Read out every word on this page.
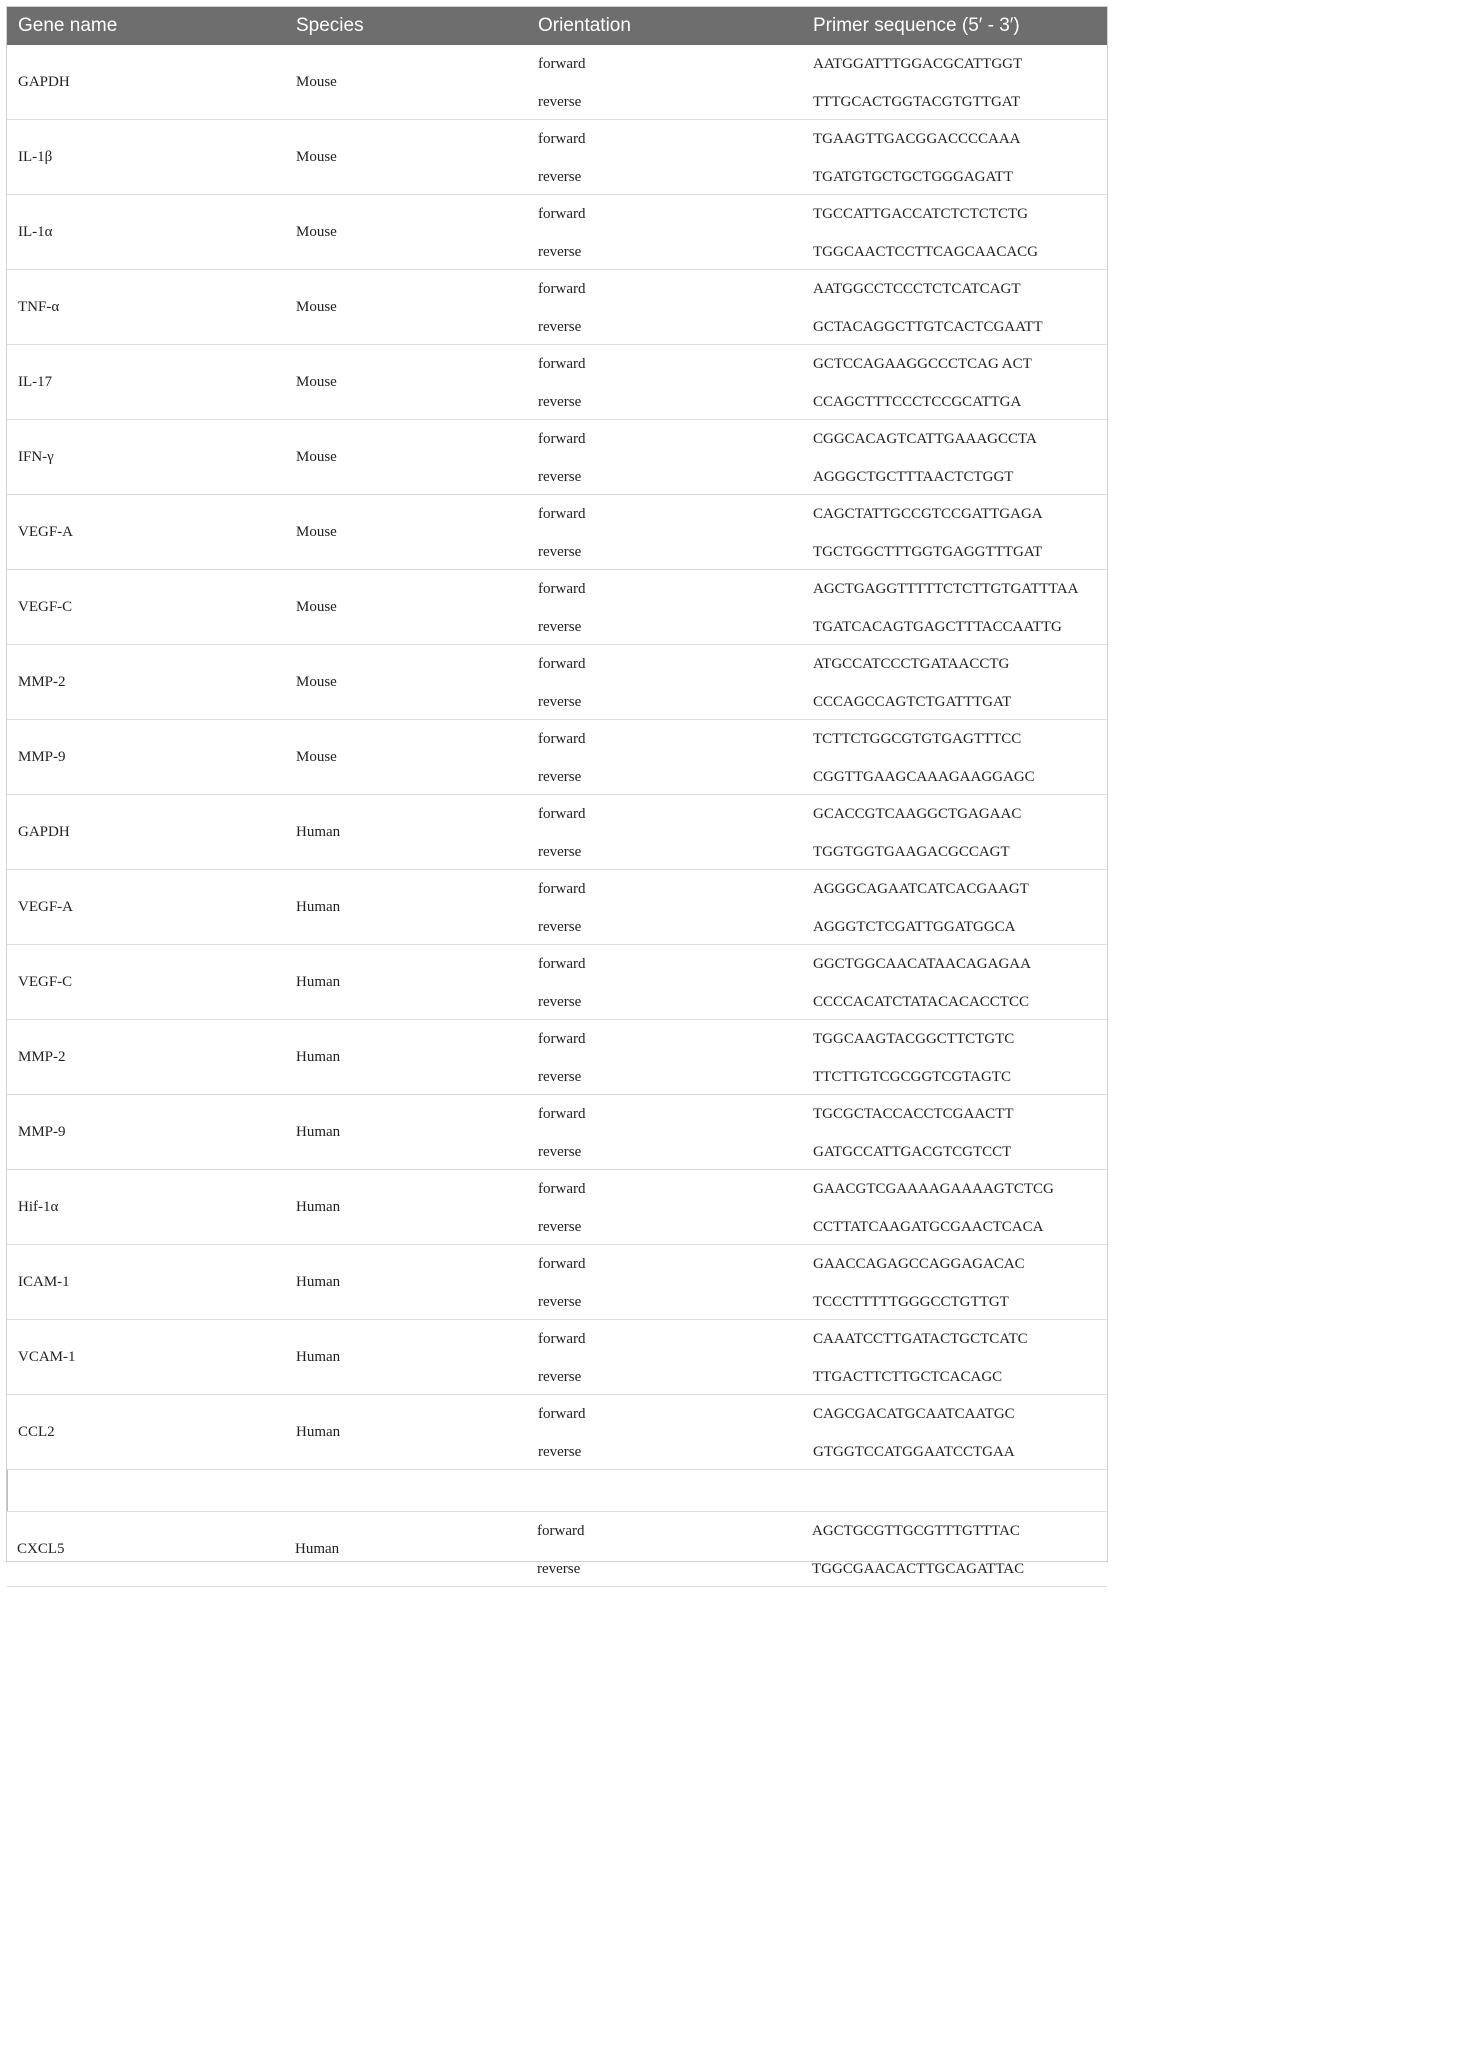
Gene name	Species	Orientation	Primer sequence (5′ - 3′)
GAPDH	Mouse
forward	AATGGATTTGGACGCATTGGT
reverse	TTTGCACTGGTACGTGTTGAT
IL-1β	Mouse
forward	TGAAGTTGACGGACCCCAAA
reverse	TGATGTGCTGCTGGGAGATT
IL-1α	Mouse
forward	TGCCATTGACCATCTCTCTCTG
reverse	TGGCAACTCCTTCAGCAACACG
TNF-α	Mouse
forward	AATGGCCTCCCTCTCATCAGT
reverse	GCTACAGGCTTGTCACTCGAATT
IL-17	Mouse
forward	GCTCCAGAAGGCCCTCAG ACT
reverse	CCAGCTTTCCCTCCGCATTGA
IFN-γ	Mouse
forward	CGGCACAGTCATTGAAAGCCTA
reverse	AGGGCTGCTTTAACTCTGGT
VEGF-A	Mouse
forward	CAGCTATTGCCGTCCGATTGAGA
reverse	TGCTGGCTTTGGTGAGGTTTGAT
VEGF-C	Mouse
forward	AGCTGAGGTTTTTCTCTTGTGATTTAA
reverse	TGATCACAGTGAGCTTTACCAATTG
MMP-2	Mouse
forward	ATGCCATCCCTGATAACCTG
reverse	CCCAGCCAGTCTGATTTGAT
MMP-9	Mouse
forward	TCTTCTGGCGTGTGAGTTTCC
reverse	CGGTTGAAGCAAAGAAGGAGC
GAPDH	Human
forward	GCACCGTCAAGGCTGAGAAC
reverse	TGGTGGTGAAGACGCCAGT
VEGF-A	Human
forward	AGGGCAGAATCATCACGAAGT
reverse	AGGGTCTCGATTGGATGGCA
VEGF-C	Human
forward	GGCTGGCAACATAACAGAGAA
reverse	CCCCACATCTATACACACCTCC
MMP-2	Human
forward	TGGCAAGTACGGCTTCTGTC
reverse	TTCTTGTCGCGGTCGTAGTC
MMP-9	Human
forward	TGCGCTACCACCTCGAACTT
reverse	GATGCCATTGACGTCGTCCT
Hif-1α	Human
forward	GAACGTCGAAAAGAAAAGTCTCG
reverse	CCTTATCAAGATGCGAACTCACA
ICAM-1	Human
forward	GAACCAGAGCCAGGAGACAC
reverse	TCCCTTTTTGGGCCTGTTGT
VCAM-1	Human
forward	CAAATCCTTGATACTGCTCATC
reverse	TTGACTTCTTGCTCACAGC
CCL2	Human
forward	CAGCGACATGCAATCAATGC
reverse	GTGGTCCATGGAATCCTGAA
CXCL5	Human
forward	AGCTGCGTTGCGTTTGTTTAC
reverse	TGGCGAACACTTGCAGATTAC
